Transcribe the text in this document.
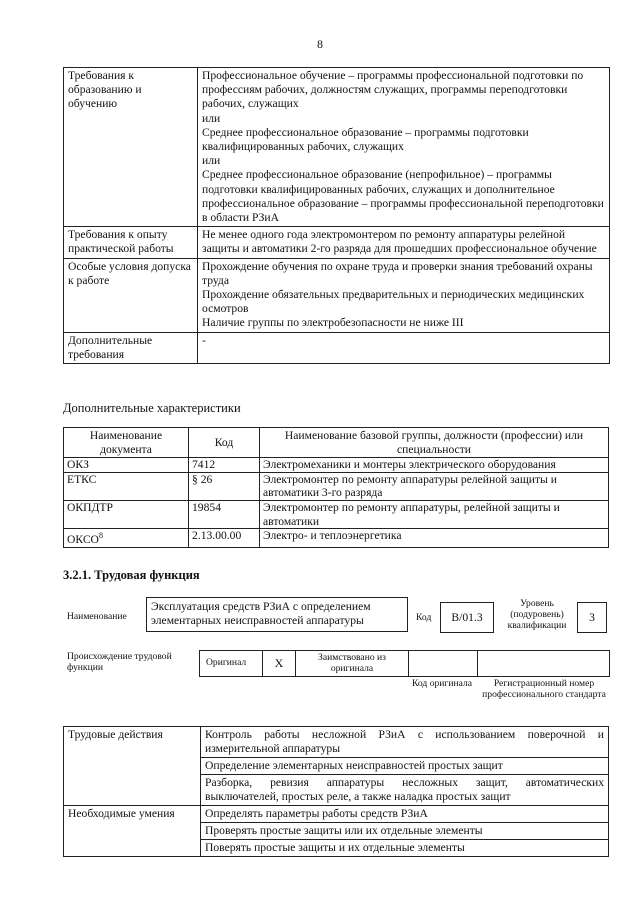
8
Требования к образованию и обучению	Профессиональное обучение – программы профессиональной подготовки по профессиям рабочих, должностям служащих, программы переподготовки рабочих, служащих
или
Среднее профессиональное образование – программы подготовки квалифицированных рабочих, служащих
или
Среднее профессиональное образование (непрофильное) – программы подготовки квалифицированных рабочих, служащих и дополнительное профессиональное образование – программы профессиональной переподготовки в области РЗиА

Требования к опыту практической работы	Не менее одного года электромонтером по ремонту аппаратуры релейной защиты и автоматики 2-го разряда для прошедших профессиональное обучение

Особые условия допуска к работе	Прохождение обучения по охране труда и проверки знания требований охраны труда
Прохождение обязательных предварительных и периодических медицинских осмотров
Наличие группы по электробезопасности не ниже III

Дополнительные требования	-
Дополнительные характеристики
Наименование документа	Код	Наименование базовой группы, должности (профессии) или специальности
ОКЗ	7412	Электромеханики и монтеры электрического оборудования
ЕТКС	§ 26	Электромонтер по ремонту аппаратуры релейной защиты и автоматики 3-го разряда
ОКПДТР	19854	Электромонтер по ремонту аппаратуры, релейной защиты и автоматики
ОКСО$^8$	2.13.00.00	Электро- и теплоэнергетика
3.2.1. Трудовая функция
Наименование
Эксплуатация средств РЗиА с определением элементарных неисправностей аппаратуры	Код	В/01.3
Уровень (подуровень) квалификации
3
Происхождение трудовой функции	Оригинал	X	Заимствовано из оригинала
Код оригинала	Регистрационный номер профессионального стандарта
Трудовые действия	Контроль работы несложной РЗиА с использованием поверочной и измерительной аппаратуры
	Определение элементарных неисправностей простых защит
	Разборка, ревизия аппаратуры несложных защит, автоматических выключателей, простых реле, а также наладка простых защит
Необходимые умения	Определять параметры работы средств РЗиА
	Проверять простые защиты или их отдельные элементы
	Поверять простые защиты и их отдельные элементы
